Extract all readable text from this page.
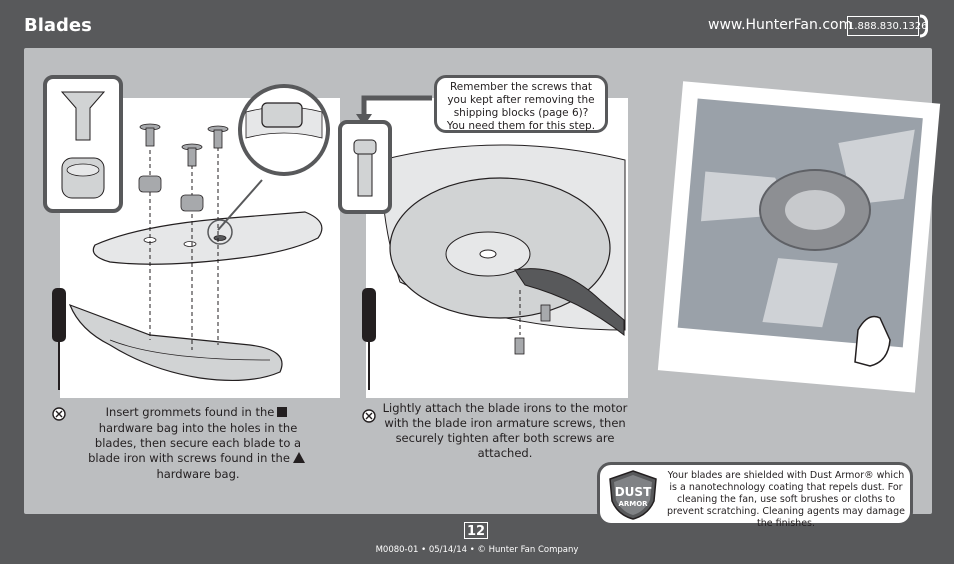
Blades	www.HunterFan.com
1.888.830.1326
Insert grommets found in thehardware bag into the holes in the blades, then secure each blade to a blade iron with screws found in thehardware bag.
Lightly attach the blade irons to the motor with the blade iron armature screws, then securely tighten after both screws are attached.
Remember the screws that you kept after removing the shipping blocks (page 6)? You need them for this step.
DUST
ARMOR
Your blades are shielded with Dust Armor® which is a nanotechnology coating that repels dust. For cleaning the fan, use soft brushes or cloths to prevent scratching. Cleaning agents may damage the finishes.
12
M0080-01 • 05/14/14 • © Hunter Fan Company
